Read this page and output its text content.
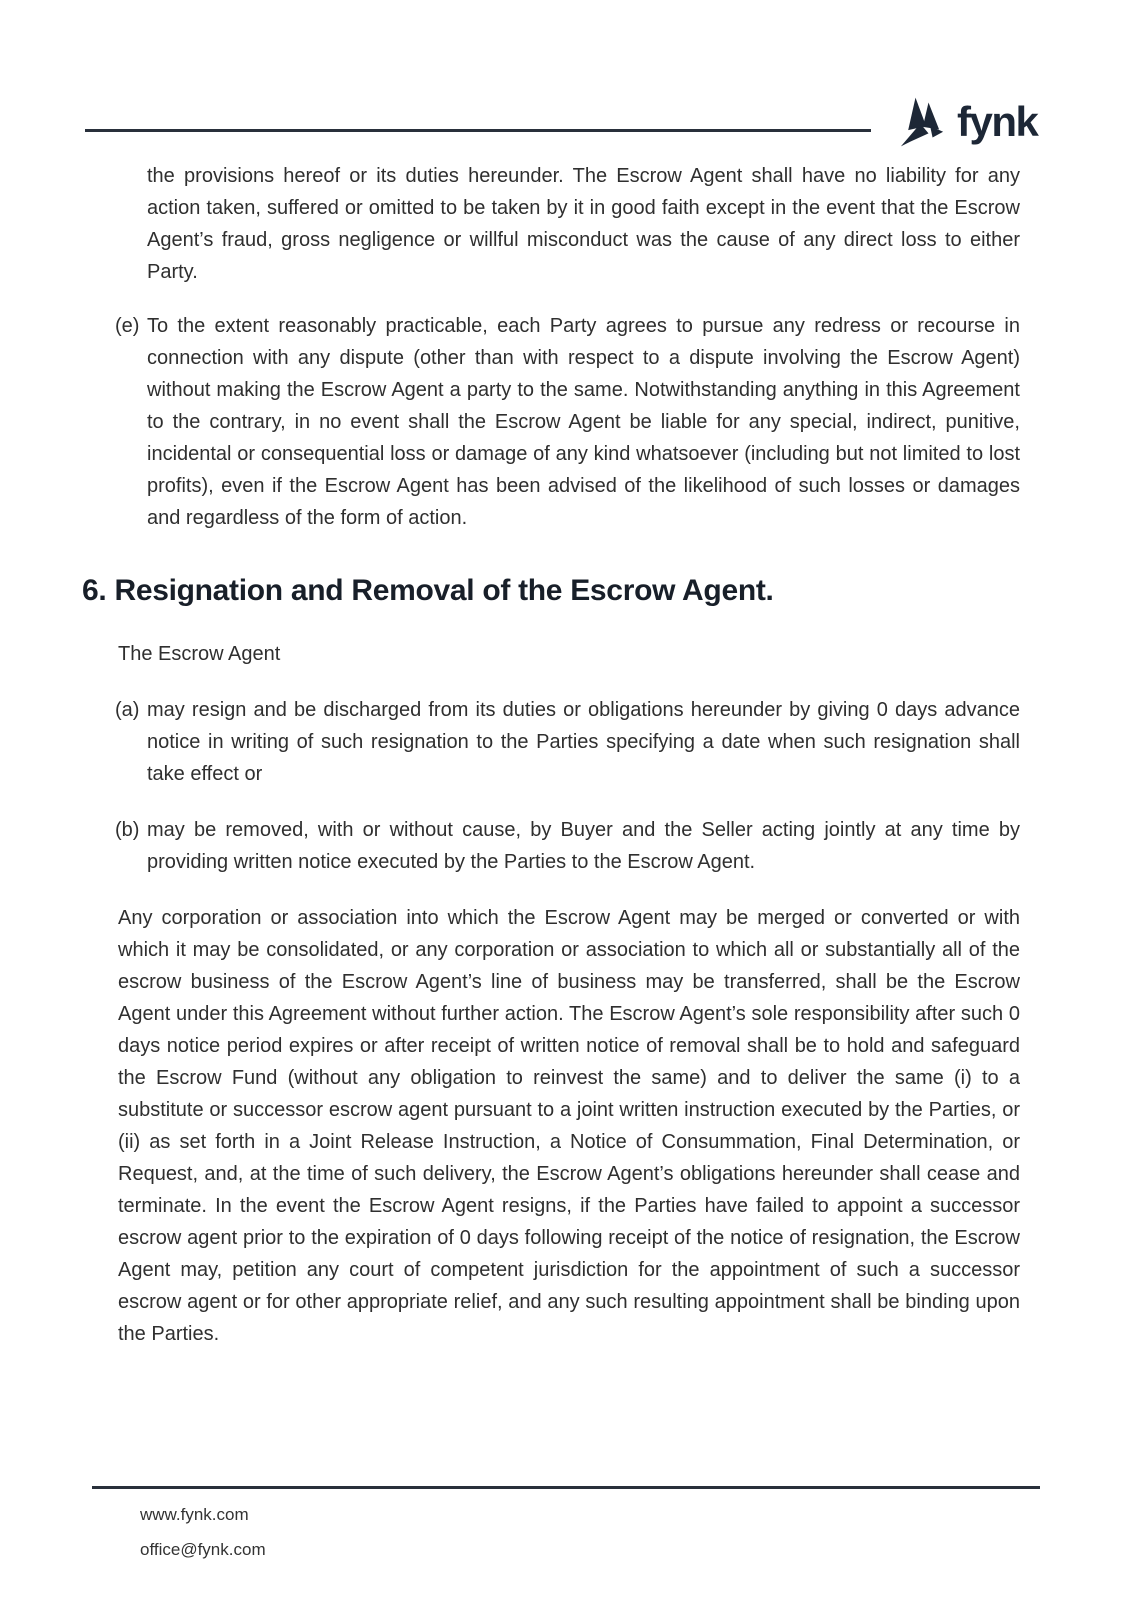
fynk

the provisions hereof or its duties hereunder. The Escrow Agent shall have no liability for any action taken, suffered or omitted to be taken by it in good faith except in the event that the Escrow Agent’s fraud, gross negligence or willful misconduct was the cause of any direct loss to either Party.

(e) To the extent reasonably practicable, each Party agrees to pursue any redress or recourse in connection with any dispute (other than with respect to a dispute involving the Escrow Agent) without making the Escrow Agent a party to the same. Notwithstanding anything in this Agreement to the contrary, in no event shall the Escrow Agent be liable for any special, indirect, punitive, incidental or consequential loss or damage of any kind whatsoever (including but not limited to lost profits), even if the Escrow Agent has been advised of the likelihood of such losses or damages and regardless of the form of action.
6. Resignation and Removal of the Escrow Agent.

The Escrow Agent

(a) may resign and be discharged from its duties or obligations hereunder by giving 0 days advance notice in writing of such resignation to the Parties specifying a date when such resignation shall take effect or
(b) may be removed, with or without cause, by Buyer and the Seller acting jointly at any time by providing written notice executed by the Parties to the Escrow Agent.

Any corporation or association into which the Escrow Agent may be merged or converted or with which it may be consolidated, or any corporation or association to which all or substantially all of the escrow business of the Escrow Agent’s line of business may be transferred, shall be the Escrow Agent under this Agreement without further action. The Escrow Agent’s sole responsibility after such 0 days notice period expires or after receipt of written notice of removal shall be to hold and safeguard the Escrow Fund (without any obligation to reinvest the same) and to deliver the same (i) to a substitute or successor escrow agent pursuant to a joint written instruction executed by the Parties, or (ii) as set forth in a Joint Release Instruction, a Notice of Consummation, Final Determination, or Request, and, at the time of such delivery, the Escrow Agent’s obligations hereunder shall cease and terminate. In the event the Escrow Agent resigns, if the Parties have failed to appoint a successor escrow agent prior to the expiration of 0 days following receipt of the notice of resignation, the Escrow Agent may, petition any court of competent jurisdiction for the appointment of such a successor escrow agent or for other appropriate relief, and any such resulting appointment shall be binding upon the Parties.

www.fynk.com
office@fynk.com
